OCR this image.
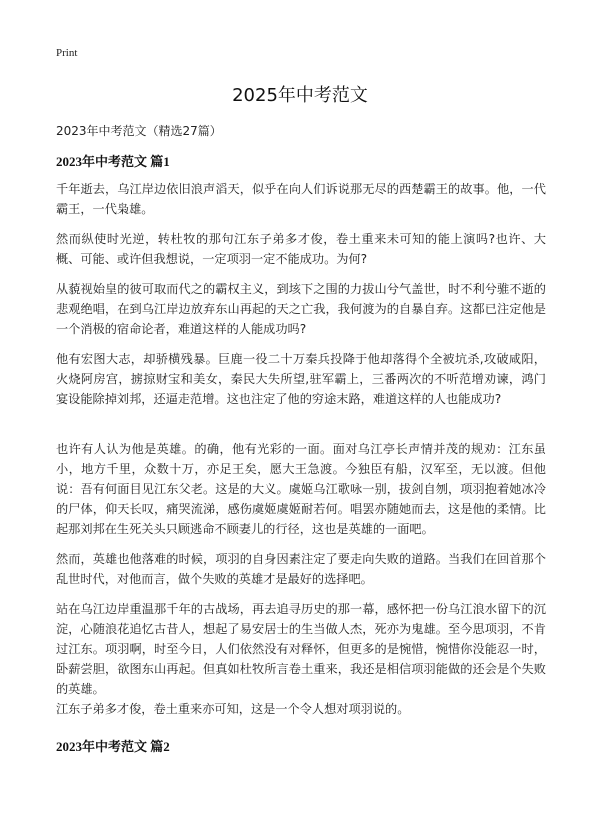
Print
2025年中考范文
2023年中考范文（精选27篇）
2023年中考范文 篇1
千年逝去，乌江岸边依旧浪声滔天，似乎在向人们诉说那无尽的西楚霸王的故事。他，一代霸王，一代枭雄。
然而纵使时光逆，转杜牧的那句江东子弟多才俊，卷土重来未可知的能上演吗?也许、大概、可能、或许但我想说，一定项羽一定不能成功。为何?
从藐视始皇的彼可取而代之的霸权主义，到垓下之围的力拔山兮气盖世，时不利兮骓不逝的悲观绝唱，在到乌江岸边放弃东山再起的天之亡我，我何渡为的自暴自弃。这都已注定他是一个消极的宿命论者，难道这样的人能成功吗?
他有宏图大志，却骄横残暴。巨鹿一役二十万秦兵投降于他却落得个全被坑杀,攻破咸阳，火烧阿房宫，掳掠财宝和美女，秦民大失所望,驻军霸上，三番两次的不听范增劝谏，鸿门宴设能除掉刘邦，还逼走范增。这也注定了他的穷途末路，难道这样的人也能成功?
也许有人认为他是英雄。的确，他有光彩的一面。面对乌江亭长声情并茂的规劝：江东虽小，地方千里，众数十万，亦足王矣，愿大王急渡。今独臣有船，汉军至，无以渡。但他说：吾有何面目见江东父老。这是的大义。虞姬乌江歌咏一别，拔剑自刎，项羽抱着她冰冷的尸体，仰天长叹，痛哭流涕，感伤虞姬虞姬耐若何。唱罢亦随她而去，这是他的柔情。比起那刘邦在生死关头只顾逃命不顾妻儿的行径，这也是英雄的一面吧。
然而，英雄也他落难的时候，项羽的自身因素注定了要走向失败的道路。当我们在回首那个乱世时代，对他而言，做个失败的英雄才是最好的选择吧。
站在乌江边岸重温那千年的古战场，再去追寻历史的那一幕，感怀把一份乌江浪水留下的沉淀，心随浪花追忆古昔人，想起了易安居士的生当做人杰，死亦为鬼雄。至今思项羽，不肯过江东。项羽啊，时至今日，人们依然没有对释怀，但更多的是惋惜，惋惜你没能忍一时，卧薪尝胆，欲图东山再起。但真如杜牧所言卷土重来，我还是相信项羽能做的还会是个失败的英雄。
江东子弟多才俊，卷土重来亦可知，这是一个令人想对项羽说的。
2023年中考范文 篇2
